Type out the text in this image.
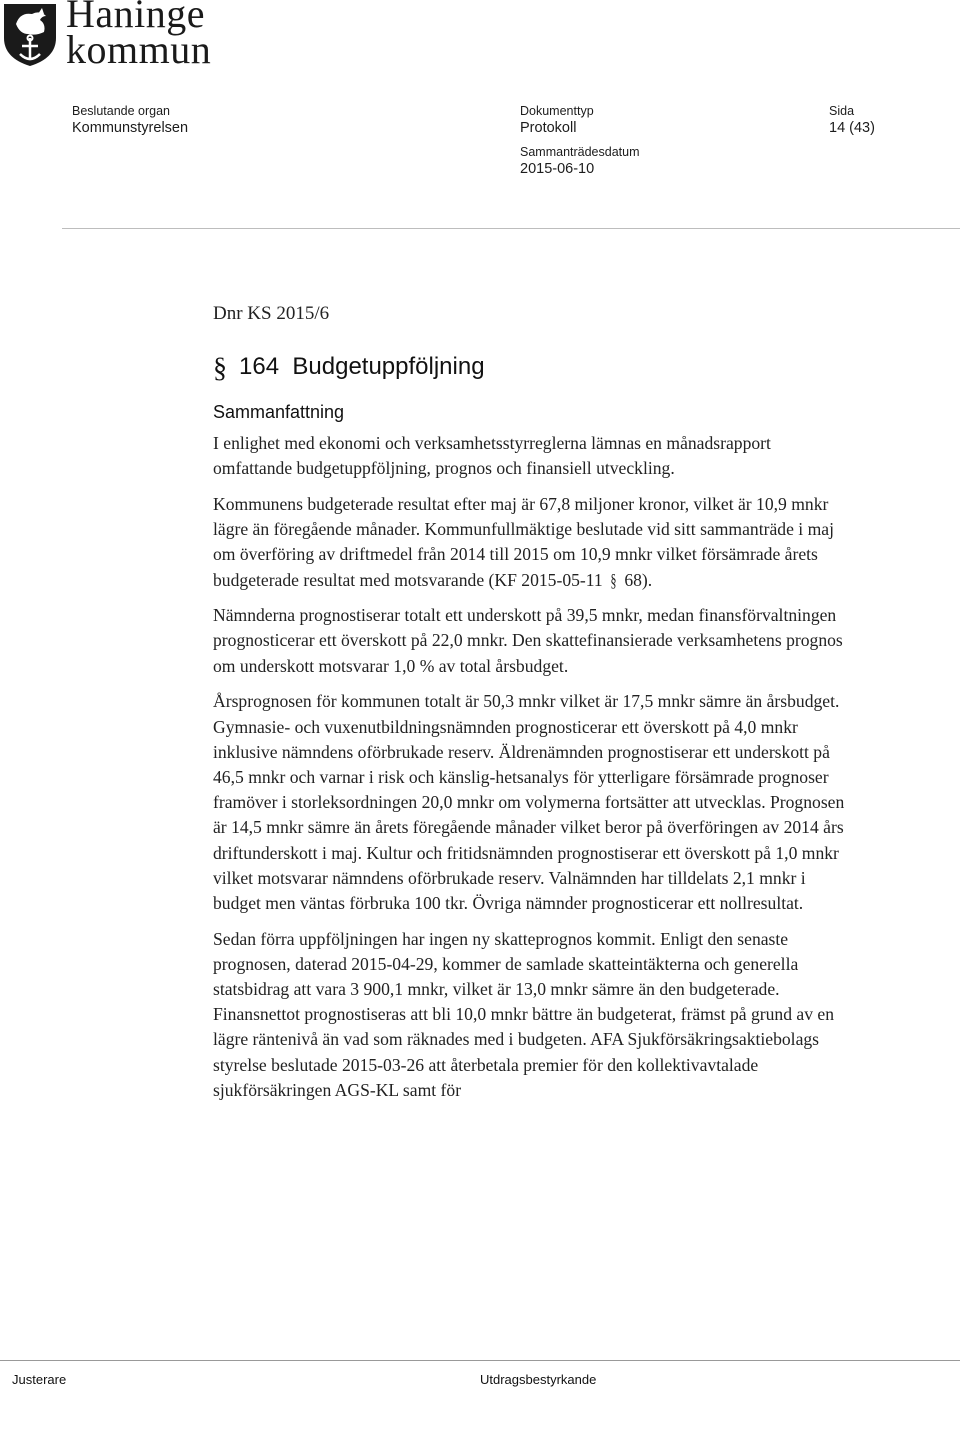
Haninge
kommun
Beslutande organ
Kommunstyrelsen
Dokumenttyp
Protokoll
Sammanträdesdatum
2015-06-10
Sida
14 (43)
Dnr KS 2015/6
§ 164 Budgetuppföljning
Sammanfattning

I enlighet med ekonomi och verksamhetsstyrreglerna lämnas en månadsrapport omfattande budgetuppföljning, prognos och finansiell utveckling.

Kommunens budgeterade resultat efter maj är 67,8 miljoner kronor, vilket är 10,9 mnkr lägre än föregående månader. Kommunfullmäktige beslutade vid sitt sammanträde i maj om överföring av driftmedel från 2014 till 2015 om 10,9 mnkr vilket försämrade årets budgeterade resultat med motsvarande (KF 2015-05-11 § 68).

Nämnderna prognostiserar totalt ett underskott på 39,5 mnkr, medan finansförvaltningen prognosticerar ett överskott på 22,0 mnkr. Den skattefinansierade verksamhetens prognos om underskott motsvarar 1,0 % av total årsbudget.

Årsprognosen för kommunen totalt är 50,3 mnkr vilket är 17,5 mnkr sämre än årsbudget. Gymnasie- och vuxenutbildningsnämnden prognosticerar ett överskott på 4,0 mnkr inklusive nämndens oförbrukade reserv. Äldrenämnden prognostiserar ett underskott på 46,5 mnkr och varnar i risk och känslig-hetsanalys för ytterligare försämrade prognoser framöver i storleksordningen 20,0 mnkr om volymerna fortsätter att utvecklas. Prognosen är 14,5 mnkr sämre än årets föregående månader vilket beror på överföringen av 2014 års driftunderskott i maj. Kultur och fritidsnämnden prognostiserar ett överskott på 1,0 mnkr vilket motsvarar nämndens oförbrukade reserv. Valnämnden har tilldelats 2,1 mnkr i budget men väntas förbruka 100 tkr. Övriga nämnder prognosticerar ett nollresultat.

Sedan förra uppföljningen har ingen ny skatteprognos kommit. Enligt den senaste prognosen, daterad 2015-04-29, kommer de samlade skatteintäkterna och generella statsbidrag att vara 3 900,1 mnkr, vilket är 13,0 mnkr sämre än den budgeterade. Finansnettot prognostiseras att bli 10,0 mnkr bättre än budgeterat, främst på grund av en lägre räntenivå än vad som räknades med i budgeten. AFA Sjukförsäkringsaktiebolags styrelse beslutade 2015-03-26 att återbetala premier för den kollektivavtalade sjukförsäkringen AGS-KL samt för

Justerare	Utdragsbestyrkande
